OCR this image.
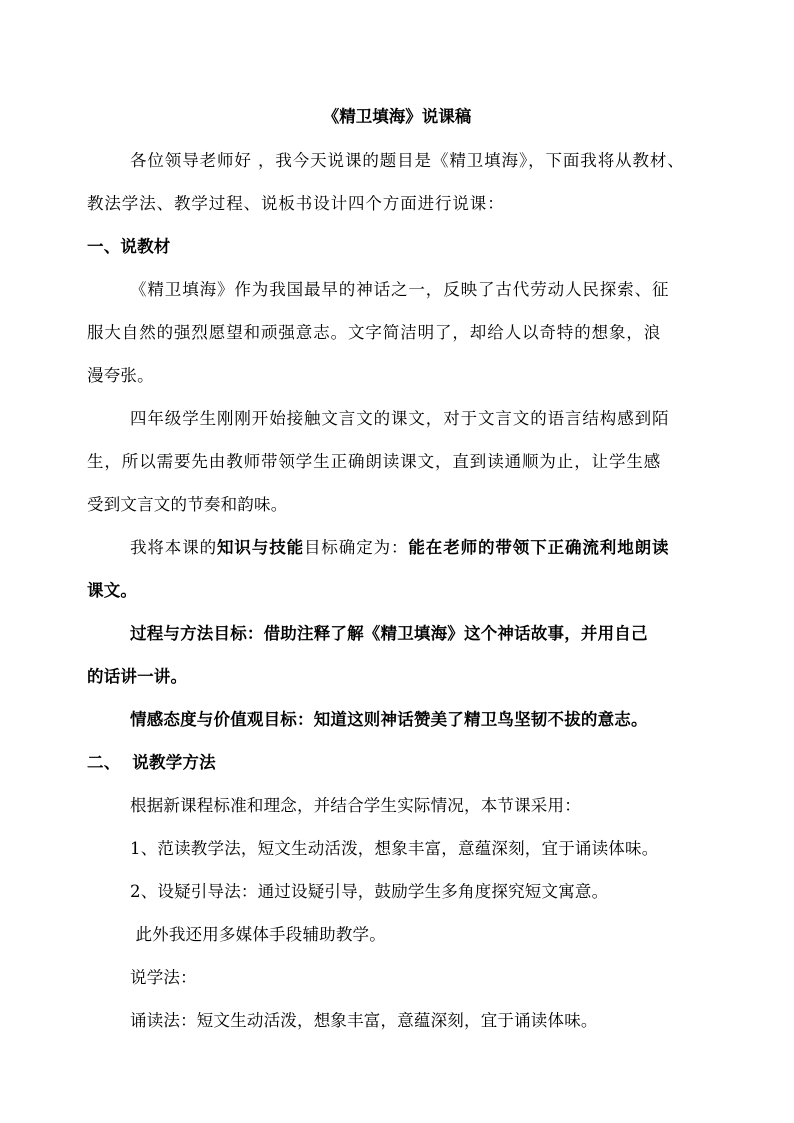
《精卫填海》说课稿
各位领导老师好 ，我今天说课的题目是《精卫填海》，下面我将从教材、
教法学法、教学过程、说板书设计四个方面进行说课：
一、说教材
《精卫填海》作为我国最早的神话之一，反映了古代劳动人民探索、征
服大自然的强烈愿望和顽强意志。文字简洁明了，却给人以奇特的想象，浪
漫夸张。
四年级学生刚刚开始接触文言文的课文，对于文言文的语言结构感到陌
生，所以需要先由教师带领学生正确朗读课文，直到读通顺为止，让学生感
受到文言文的节奏和韵味。
我将本课的知识与技能目标确定为：能在老师的带领下正确流利地朗读
课文。
过程与方法目标：借助注释了解《精卫填海》这个神话故事，并用自己
的话讲一讲。
情感态度与价值观目标：知道这则神话赞美了精卫鸟坚韧不拔的意志。
二、  说教学方法
根据新课程标准和理念，并结合学生实际情况，本节课采用：
1、范读教学法，短文生动活泼，想象丰富，意蕴深刻，宜于诵读体味。
2、设疑引导法：通过设疑引导，鼓励学生多角度探究短文寓意。
此外我还用多媒体手段辅助教学。
说学法：
诵读法：短文生动活泼，想象丰富，意蕴深刻，宜于诵读体味。
